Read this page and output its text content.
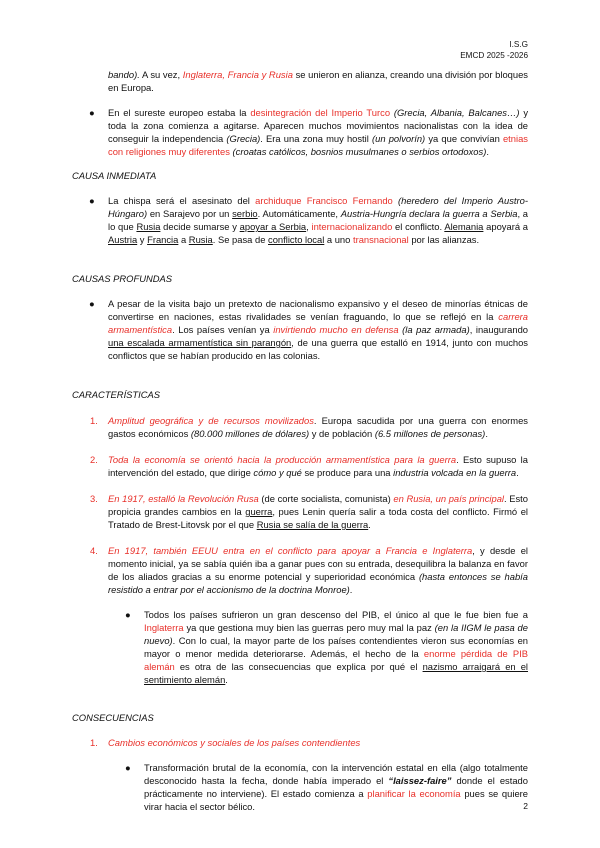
I.S.G
EMCD 2025 -2026

bando). A su vez, Inglaterra, Francia y Rusia se unieron en alianza, creando una división por bloques en Europa.

● En el sureste europeo estaba la desintegración del Imperio Turco (Grecia, Albania, Balcanes…) y toda la zona comienza a agitarse. Aparecen muchos movimientos nacionalistas con la idea de conseguir la independencia (Grecia). Era una zona muy hostil (un polvorín) ya que convivían etnias con religiones muy diferentes (croatas católicos, bosnios musulmanes o serbios ortodoxos).

CAUSA INMEDIATA

● La chispa será el asesinato del archiduque Francisco Fernando (heredero del Imperio Austro-Húngaro) en Sarajevo por un serbio. Automáticamente, Austria-Hungría declara la guerra a Serbia, a lo que Rusia decide sumarse y apoyar a Serbia, internacionalizando el conflicto. Alemania apoyará a Austria y Francia a Rusia. Se pasa de conflicto local a uno transnacional por las alianzas.

CAUSAS PROFUNDAS

● A pesar de la visita bajo un pretexto de nacionalismo expansivo y el deseo de minorías étnicas de convertirse en naciones, estas rivalidades se venían fraguando, lo que se reflejó en la carrera armamentística. Los países venían ya invirtiendo mucho en defensa (la paz armada), inaugurando una escalada armamentística sin parangón, de una guerra que estalló en 1914, junto con muchos conflictos que se habían producido en las colonias.

CARACTERÍSTICAS

1. Amplitud geográfica y de recursos movilizados. Europa sacudida por una guerra con enormes gastos económicos (80.000 millones de dólares) y de población (6.5 millones de personas).

2. Toda la economía se orientó hacia la producción armamentística para la guerra. Esto supuso la intervención del estado, que dirige cómo y qué se produce para una industria volcada en la guerra.

3. En 1917, estalló la Revolución Rusa (de corte socialista, comunista) en Rusia, un país principal. Esto propicia grandes cambios en la guerra, pues Lenin quería salir a toda costa del conflicto. Firmó el Tratado de Brest-Litovsk por el que Rusia se salía de la guerra.

4. En 1917, también EEUU entra en el conflicto para apoyar a Francia e Inglaterra, y desde el momento inicial, ya se sabía quién iba a ganar pues con su entrada, desequilibra la balanza en favor de los aliados gracias a su enorme potencial y superioridad económica (hasta entonces se había resistido a entrar por el accionismo de la doctrina Monroe).

● Todos los países sufrieron un gran descenso del PIB, el único al que le fue bien fue a Inglaterra ya que gestiona muy bien las guerras pero muy mal la paz (en la IIGM le pasa de nuevo). Con lo cual, la mayor parte de los países contendientes vieron sus economías en mayor o menor medida deteriorarse. Además, el hecho de la enorme pérdida de PIB alemán es otra de las consecuencias que explica por qué el nazismo arraigará en el sentimiento alemán.

CONSECUENCIAS

1. Cambios económicos y sociales de los países contendientes

● Transformación brutal de la economía, con la intervención estatal en ella (algo totalmente desconocido hasta la fecha, donde había imperado el “laissez-faire” donde el estado prácticamente no interviene). El estado comienza a planificar la economía pues se quiere virar hacia el sector bélico.	2
